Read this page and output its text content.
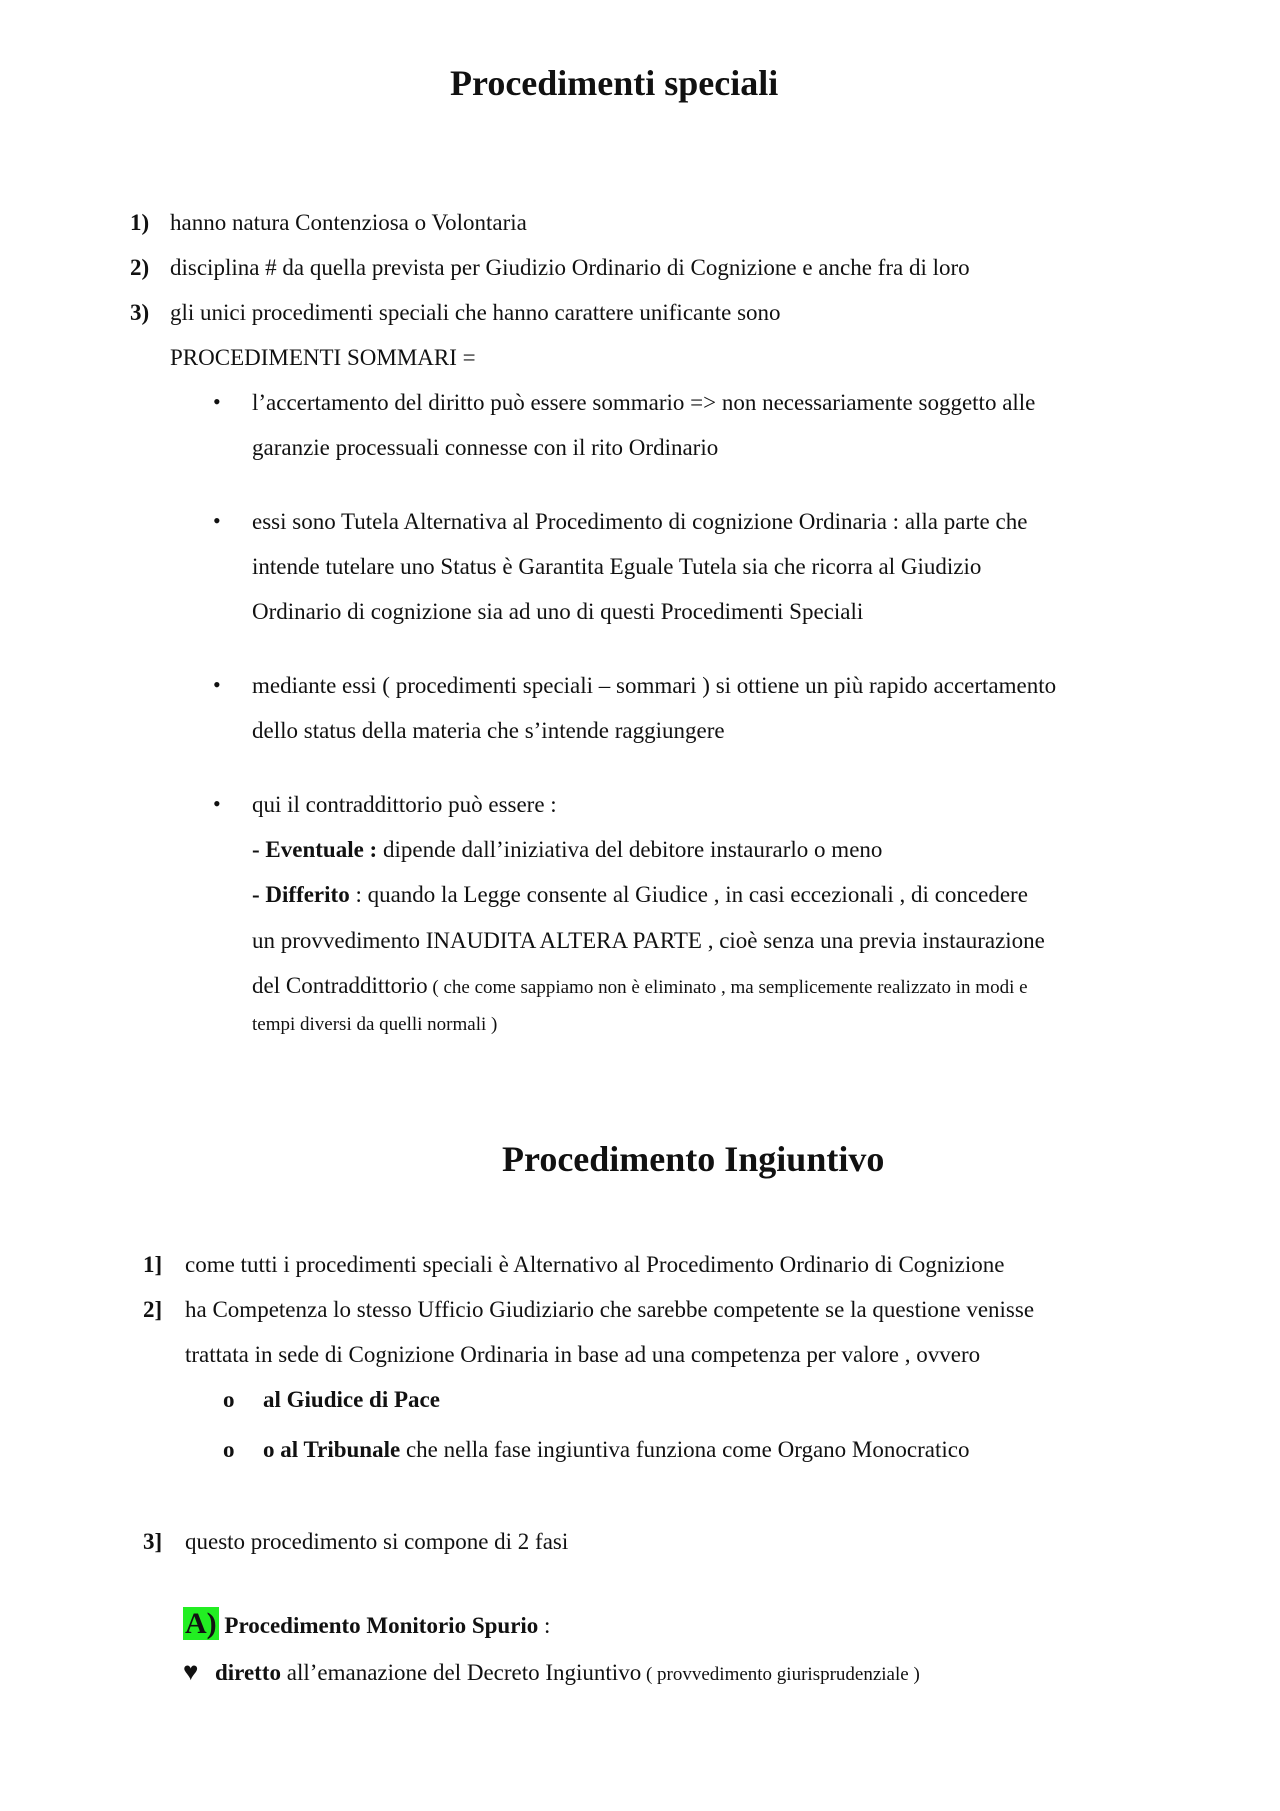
Procedimenti speciali
1) hanno natura Contenziosa o Volontaria
2) disciplina # da quella prevista per Giudizio Ordinario di Cognizione e anche fra di loro
3) gli unici procedimenti speciali che hanno carattere unificante sono
PROCEDIMENTI SOMMARI =
• l’accertamento del diritto può essere sommario => non necessariamente soggetto alle
garanzie processuali connesse con il rito Ordinario
• essi sono Tutela Alternativa al Procedimento di cognizione Ordinaria : alla parte che
intende tutelare uno Status è Garantita Eguale Tutela sia che ricorra al Giudizio
Ordinario di cognizione sia ad uno di questi Procedimenti Speciali
• mediante essi ( procedimenti speciali – sommari ) si ottiene un più rapido accertamento
dello status della materia che s’intende raggiungere
• qui il contraddittorio può essere :
- Eventuale : dipende dall’iniziativa del debitore instaurarlo o meno
- Differito : quando la Legge consente al Giudice , in casi eccezionali , di concedere
un provvedimento INAUDITA ALTERA PARTE , cioè senza una previa instaurazione
del Contraddittorio ( che come sappiamo non è eliminato , ma semplicemente realizzato in modi e
tempi diversi da quelli normali )
Procedimento Ingiuntivo
1] come tutti i procedimenti speciali è Alternativo al Procedimento Ordinario di Cognizione
2] ha Competenza lo stesso Ufficio Giudiziario che sarebbe competente se la questione venisse
trattata in sede di Cognizione Ordinaria in base ad una competenza per valore , ovvero
o al Giudice di Pace
o o al Tribunale che nella fase ingiuntiva funziona come Organo Monocratico
3] questo procedimento si compone di 2 fasi
A) Procedimento Monitorio Spurio :
♥ diretto all’emanazione del Decreto Ingiuntivo ( provvedimento giurisprudenziale )
